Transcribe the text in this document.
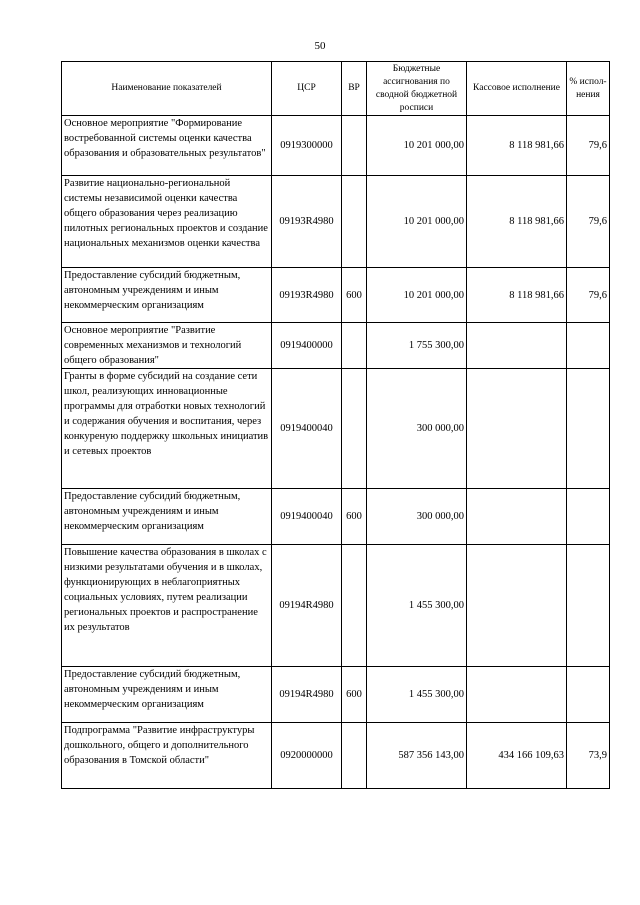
50
Наименование показателей	ЦСР	ВР	Бюджетные ассигнования по сводной бюджетной росписи	Кассовое исполнение	% испол-нения
Основное мероприятие "Формирование востребованной системы оценки качества образования и образовательных результатов"	0919300000		10 201 000,00	8 118 981,66	79,6
Развитие национально-региональной системы независимой оценки качества общего образования через реализацию пилотных региональных проектов и создание национальных механизмов оценки качества	09193R4980		10 201 000,00	8 118 981,66	79,6
Предоставление субсидий бюджетным, автономным учреждениям и иным некоммерческим организациям	09193R4980	600	10 201 000,00	8 118 981,66	79,6
Основное мероприятие "Развитие современных механизмов и технологий общего образования"	0919400000		1 755 300,00		
Гранты в форме субсидий на создание сети школ, реализующих инновационные программы для отработки новых технологий и содержания обучения и воспитания, через конкуреную поддержку школьных инициатив и сетевых проектов	0919400040		300 000,00		
Предоставление субсидий бюджетным, автономным учреждениям и иным некоммерческим организациям	0919400040	600	300 000,00		
Повышение качества образования в школах с низкими результатами обучения и в школах, функционирующих в неблагоприятных социальных условиях, путем реализации региональных проектов и распространение их результатов	09194R4980		1 455 300,00		
Предоставление субсидий бюджетным, автономным учреждениям и иным некоммерческим организациям	09194R4980	600	1 455 300,00		
Подпрограмма "Развитие инфраструктуры дошкольного, общего и дополнительного образования в Томской области"	0920000000		587 356 143,00	434 166 109,63	73,9
